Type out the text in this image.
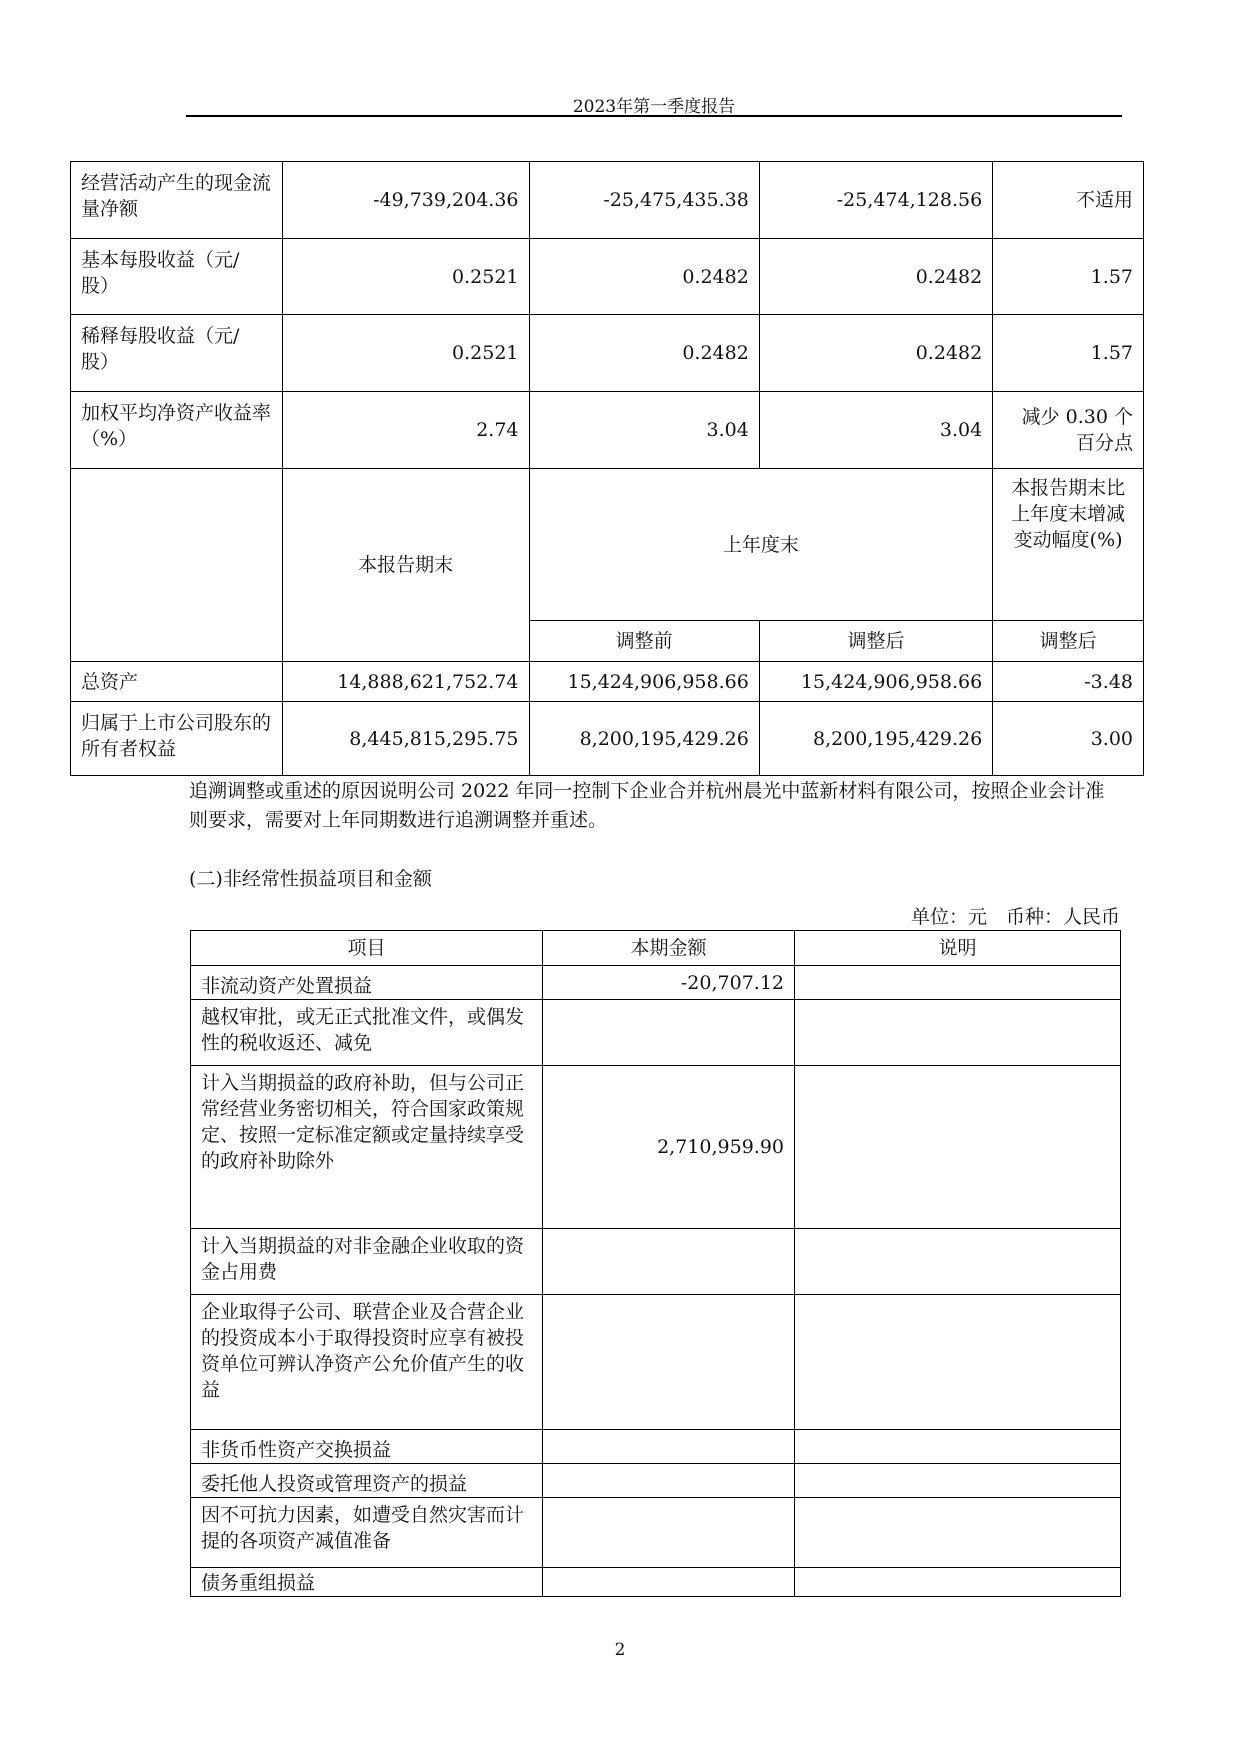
2023年第一季度报告
经营活动产生的现金流
量净额	-49,739,204.36	-25,475,435.38	-25,474,128.56	不适用
基本每股收益（元/
股）	0.2521	0.2482	0.2482	1.57
稀释每股收益（元/
股）	0.2521	0.2482	0.2482	1.57
加权平均净资产收益率
（%）	2.74	3.04	3.04	减少 0.30 个
百分点
	本报告期末	上年度末		本报告期末比
上年度末增减
变动幅度(%)
		调整前	调整后	调整后
总资产	14,888,621,752.74	15,424,906,958.66	15,424,906,958.66	-3.48
归属于上市公司股东的
所有者权益	8,445,815,295.75	8,200,195,429.26	8,200,195,429.26	3.00
追溯调整或重述的原因说明公司 2022 年同一控制下企业合并杭州晨光中蓝新材料有限公司，按照企业会计准则要求，需要对上年同期数进行追溯调整并重述。
(二)非经常性损益项目和金额
单位：元　币种：人民币
项目	本期金额	说明
非流动资产处置损益	-20,707.12	
越权审批，或无正式批准文件，或偶发性的税收返还、减免		
计入当期损益的政府补助，但与公司正常经营业务密切相关，符合国家政策规定、按照一定标准定额或定量持续享受的政府补助除外	2,710,959.90	
计入当期损益的对非金融企业收取的资金占用费		
企业取得子公司、联营企业及合营企业的投资成本小于取得投资时应享有被投资单位可辨认净资产公允价值产生的收益		
非货币性资产交换损益		
委托他人投资或管理资产的损益		
因不可抗力因素，如遭受自然灾害而计提的各项资产减值准备		
债务重组损益		
2
